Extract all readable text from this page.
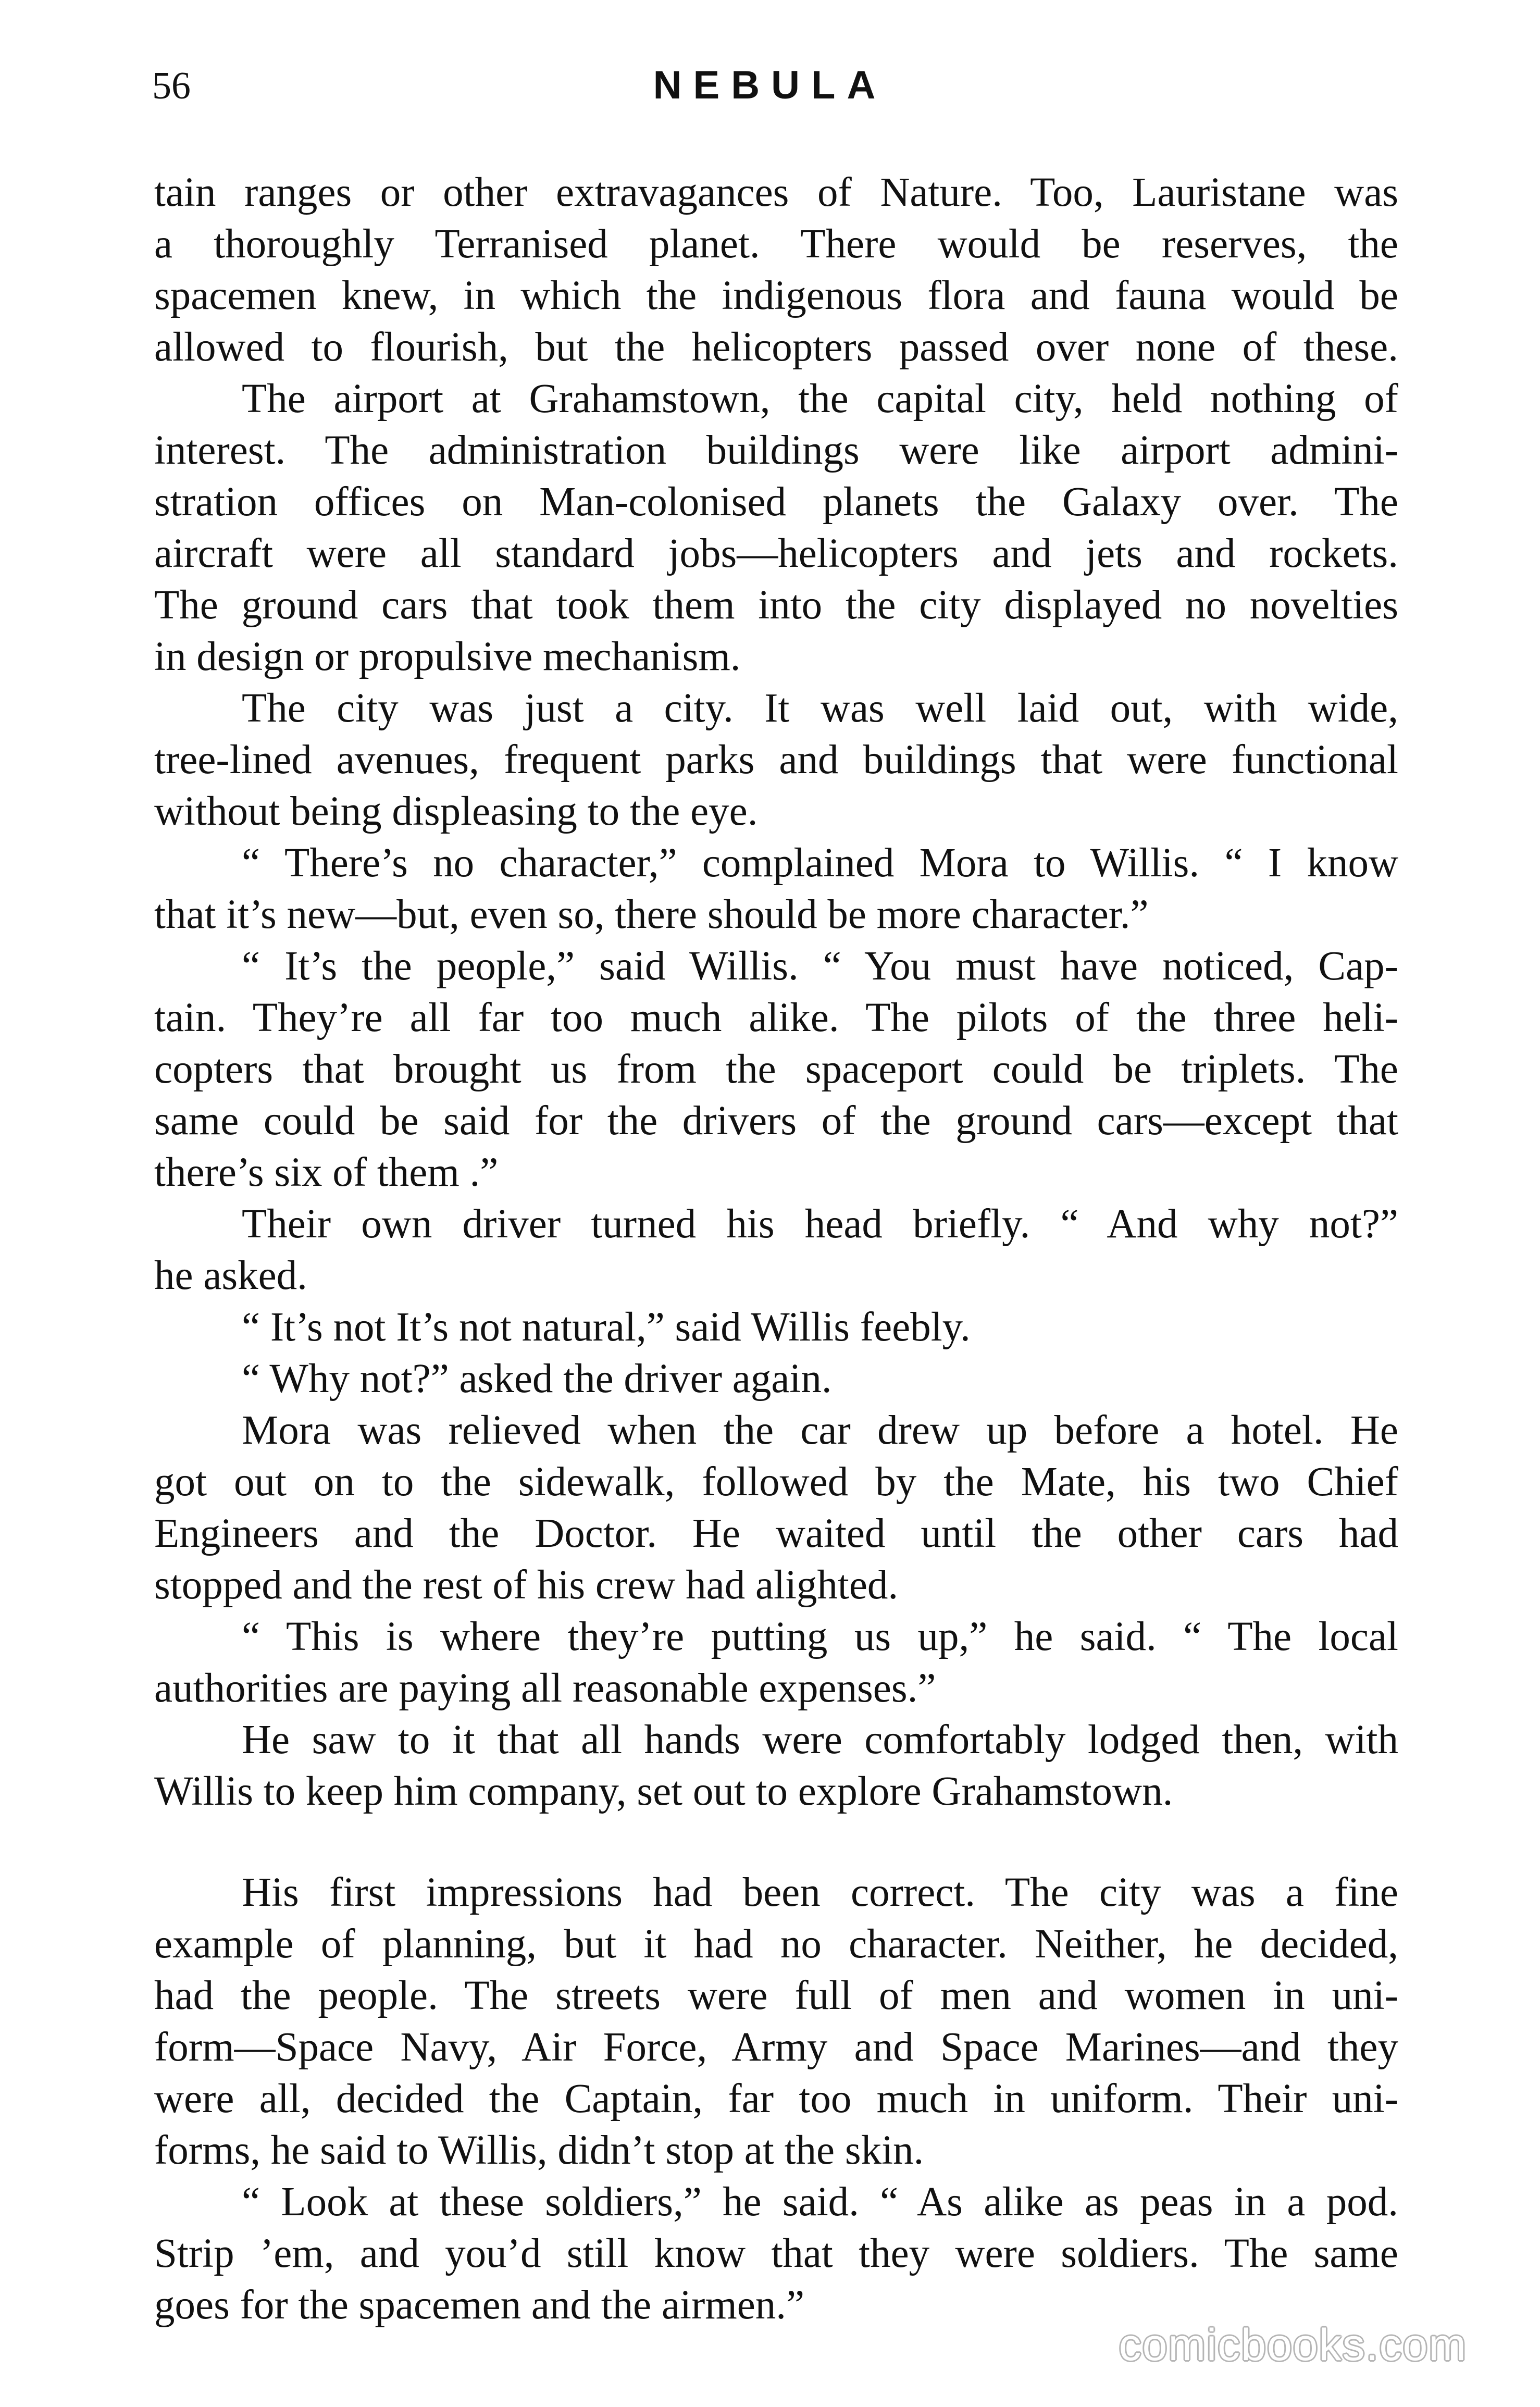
56	NEBULA
tain ranges or other extravagances of Nature. Too, Lauristane was
a thoroughly Terranised planet. There would be reserves, the
spacemen knew, in which the indigenous flora and fauna would be
allowed to flourish, but the helicopters passed over none of these.
The airport at Grahamstown, the capital city, held nothing of
interest. The administration buildings were like airport admini-
stration offices on Man-colonised planets the Galaxy over. The
aircraft were all standard jobs—helicopters and jets and rockets.
The ground cars that took them into the city displayed no novelties
in design or propulsive mechanism.
The city was just a city. It was well laid out, with wide,
tree-lined avenues, frequent parks and buildings that were functional
without being displeasing to the eye.
“ There’s no character,” complained Mora to Willis. “ I know
that it’s new—but, even so, there should be more character.”
“ It’s the people,” said Willis. “ You must have noticed, Cap-
tain. They’re all far too much alike. The pilots of the three heli-
copters that brought us from the spaceport could be triplets. The
same could be said for the drivers of the ground cars—except that
there’s six of them .”
Their own driver turned his head briefly. “ And why not?”
he asked.
“ It’s not It’s not natural,” said Willis feebly.
“ Why not?” asked the driver again.
Mora was relieved when the car drew up before a hotel. He
got out on to the sidewalk, followed by the Mate, his two Chief
Engineers and the Doctor. He waited until the other cars had
stopped and the rest of his crew had alighted.
“ This is where they’re putting us up,” he said. “ The local
authorities are paying all reasonable expenses.”
He saw to it that all hands were comfortably lodged then, with
Willis to keep him company, set out to explore Grahamstown.
His first impressions had been correct. The city was a fine
example of planning, but it had no character. Neither, he decided,
had the people. The streets were full of men and women in uni-
form—Space Navy, Air Force, Army and Space Marines—and they
were all, decided the Captain, far too much in uniform. Their uni-
forms, he said to Willis, didn’t stop at the skin.
“ Look at these soldiers,” he said. “ As alike as peas in a pod.
Strip ’em, and you’d still know that they were soldiers. The same
goes for the spacemen and the airmen.”
comicbooks.com
